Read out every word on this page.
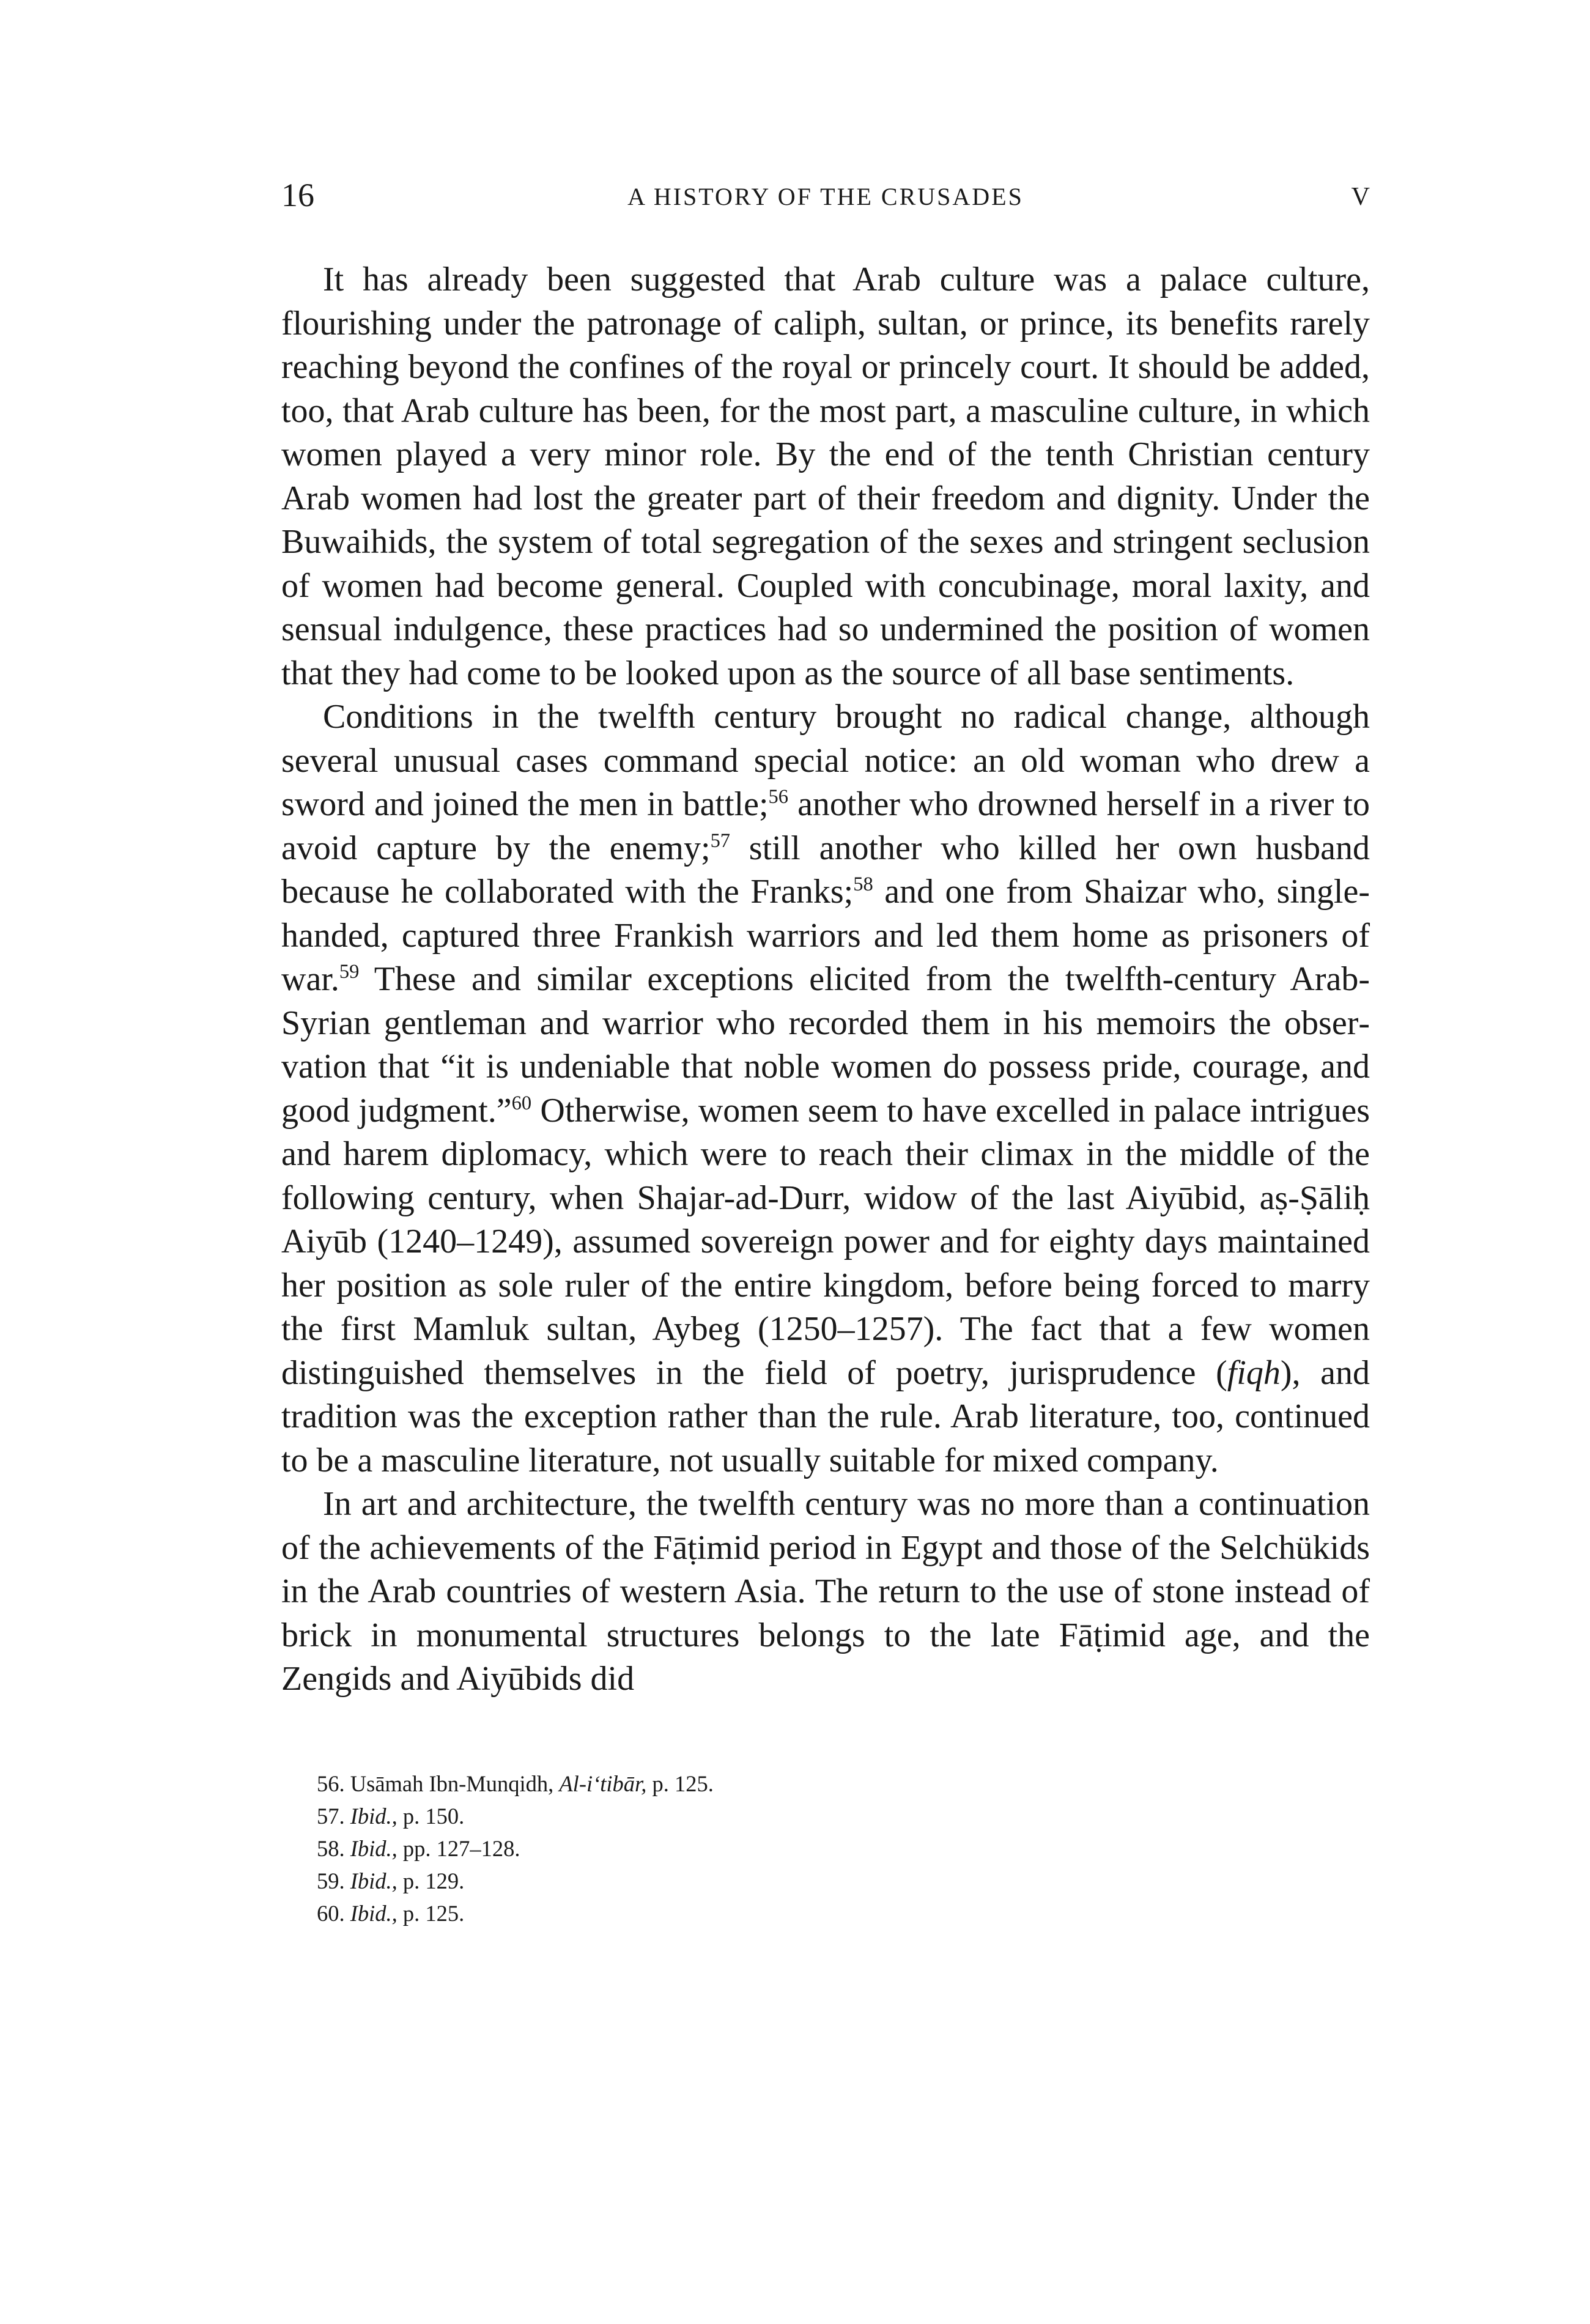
16	A HISTORY OF THE CRUSADES	V

It has already been suggested that Arab culture was a palace culture, flourishing under the patronage of caliph, sultan, or prince, its benefits rarely reaching beyond the confines of the royal or princely court. It should be added, too, that Arab culture has been, for the most part, a masculine culture, in which women played a very minor role. By the end of the tenth Christian century Arab women had lost the greater part of their freedom and dignity. Under the Buwaihids, the system of total segregation of the sexes and stringent seclusion of women had become general. Coupled with concubinage, moral laxity, and sensual indulgence, these practices had so undermined the position of women that they had come to be looked upon as the source of all base sentiments.

Conditions in the twelfth century brought no radical change, although several unusual cases command special notice: an old woman who drew a sword and joined the men in battle;$^{56}$ another who drowned herself in a river to avoid capture by the enemy;$^{57}$ still another who killed her own husband because he collaborated with the Franks;$^{58}$ and one from Shaizar who, single-handed, captured three Frankish warriors and led them home as prisoners of war.$^{59}$ These and similar exceptions elicited from the twelfth-century Arab-Syrian gentleman and warrior who recorded them in his memoirs the observation that “it is undeniable that noble women do possess pride, courage, and good judgment.”$^{60}$ Otherwise, women seem to have excelled in palace intrigues and harem diplomacy, which were to reach their climax in the middle of the following century, when Shajar-ad-Durr, widow of the last Aiyūbid, aṣ-Ṣāliḥ Aiyūb (1240–1249), assumed sovereign power and for eighty days maintained her position as sole ruler of the entire kingdom, before being forced to marry the first Mamluk sultan, Aybeg (1250–1257). The fact that a few women distinguished themselves in the field of poetry, jurisprudence (fiqh), and tradition was the exception rather than the rule. Arab literature, too, continued to be a masculine literature, not usually suitable for mixed company.

In art and architecture, the twelfth century was no more than a continuation of the achievements of the Fāṭimid period in Egypt and those of the Selchükids in the Arab countries of western Asia. The return to the use of stone instead of brick in monumental structures belongs to the late Fāṭimid age, and the Zengids and Aiyūbids did

56. Usāmah Ibn-Munqidh, Al-i‘tibār, p. 125.

57. Ibid., p. 150.

58. Ibid., pp. 127–128.

59. Ibid., p. 129.

60. Ibid., p. 125.
